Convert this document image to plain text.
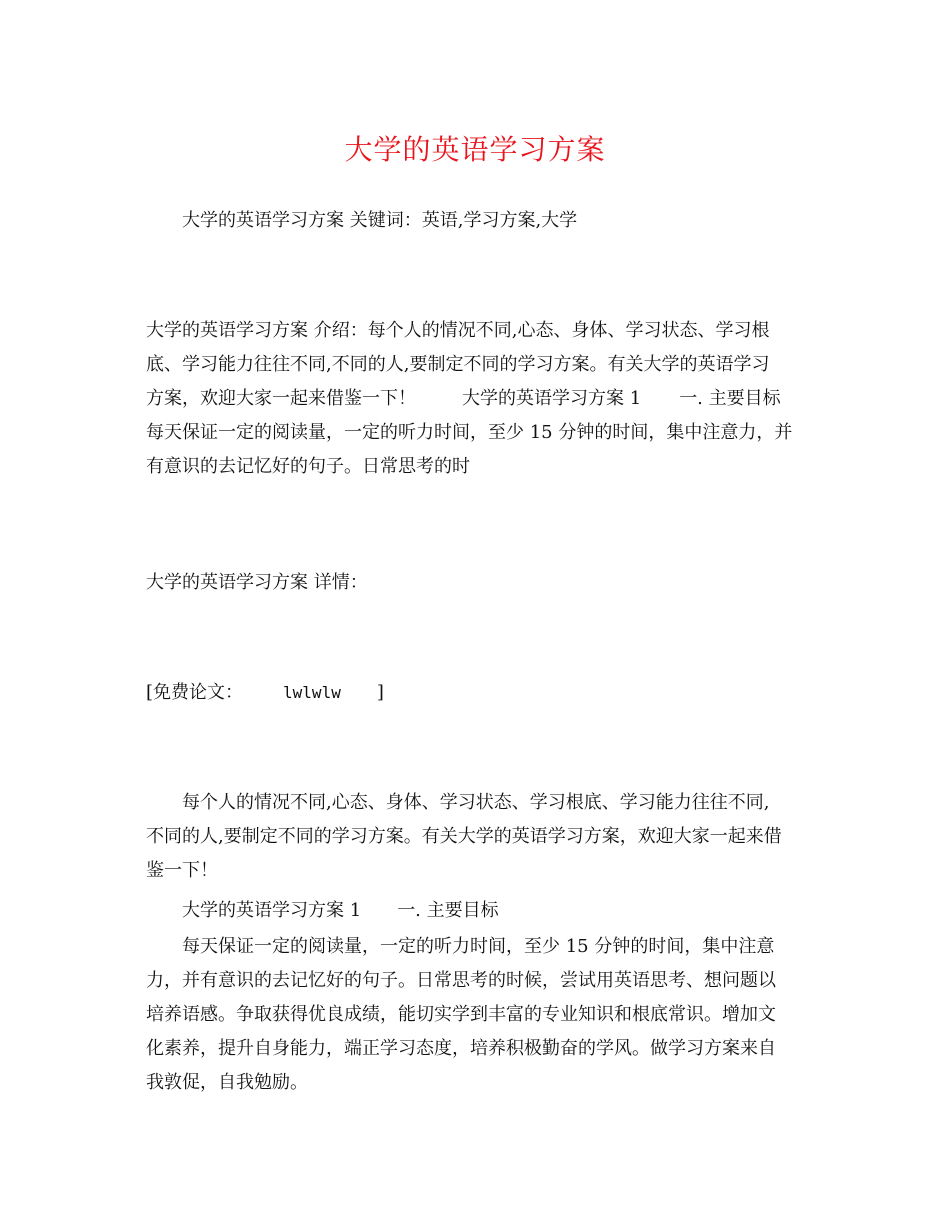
大学的英语学习方案

大学的英语学习方案 关键词：英语,学习方案,大学

大学的英语学习方案 介绍：每个人的情况不同,心态、身体、学习状态、学习根

底、学习能力往往不同,不同的人,要制定不同的学习方案。有关大学的英语学习

方案，欢迎大家一起来借鉴一下！	大学的英语学习方案 1 一. 主要目标

每天保证一定的阅读量，一定的听力时间，至少 15 分钟的时间，集中注意力，并

有意识的去记忆好的句子。日常思考的时

大学的英语学习方案 详情：

[免费论文：	lwlwlw ]

每个人的情况不同,心态、身体、学习状态、学习根底、学习能力往往不同,

不同的人,要制定不同的学习方案。有关大学的英语学习方案，欢迎大家一起来借

鉴一下！

大学的英语学习方案 1 一. 主要目标

每天保证一定的阅读量，一定的听力时间，至少 15 分钟的时间，集中注意

力，并有意识的去记忆好的句子。日常思考的时候，尝试用英语思考、想问题以

培养语感。争取获得优良成绩，能切实学到丰富的专业知识和根底常识。增加文

化素养，提升自身能力，端正学习态度，培养积极勤奋的学风。做学习方案来自

我敦促，自我勉励。
